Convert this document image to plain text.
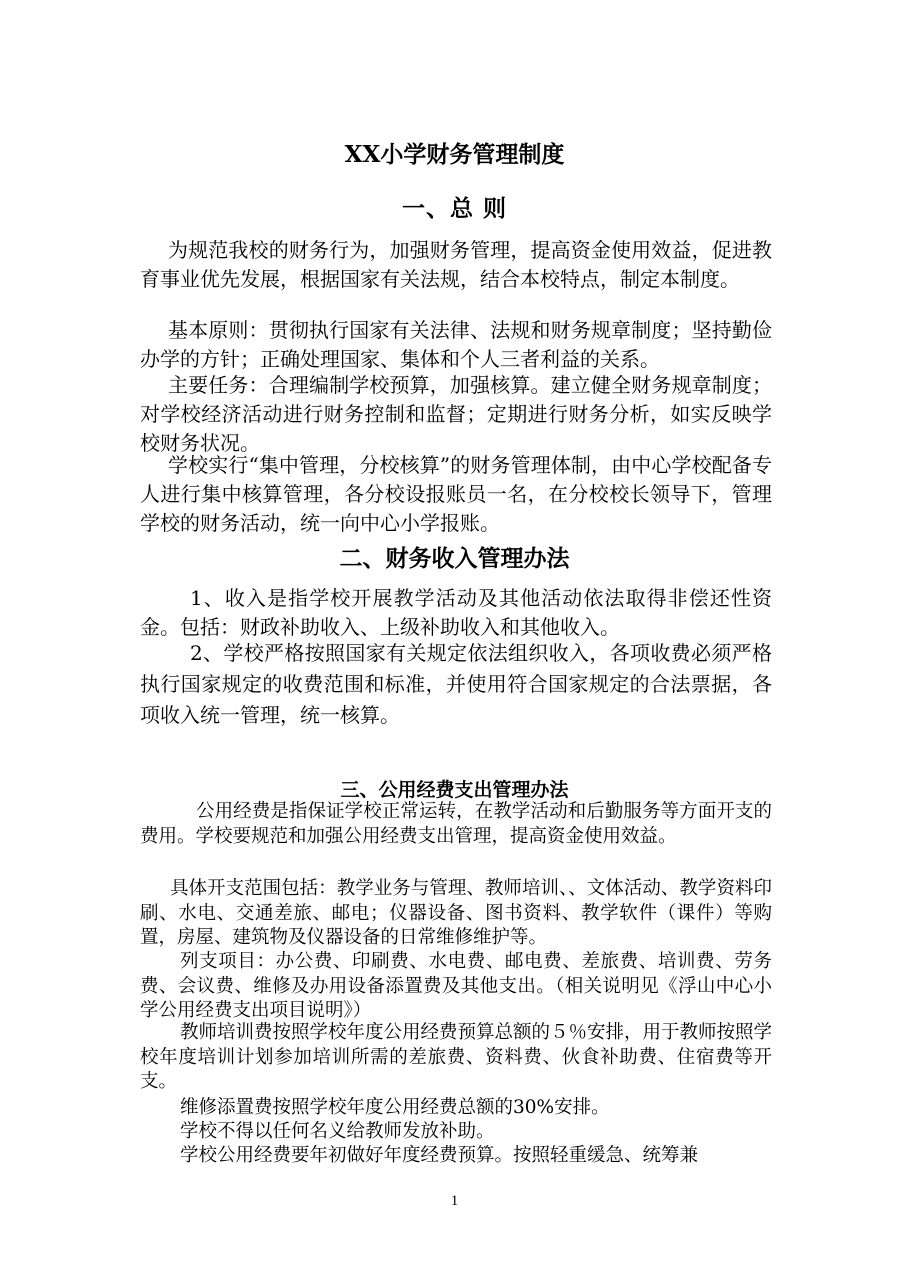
XX小学财务管理制度
一、总 则

为规范我校的财务行为，加强财务管理，提高资金使用效益，促进教育事业优先发展，根据国家有关法规，结合本校特点，制定本制度。

基本原则：贯彻执行国家有关法律、法规和财务规章制度；坚持勤俭办学的方针；正确处理国家、集体和个人三者利益的关系。

主要任务：合理编制学校预算，加强核算。建立健全财务规章制度；对学校经济活动进行财务控制和监督；定期进行财务分析，如实反映学校财务状况。

学校实行“集中管理，分校核算”的财务管理体制，由中心学校配备专人进行集中核算管理，各分校设报账员一名，在分校校长领导下，管理学校的财务活动，统一向中心小学报账。

二、财务收入管理办法

1、收入是指学校开展教学活动及其他活动依法取得非偿还性资金。包括：财政补助收入、上级补助收入和其他收入。

2、学校严格按照国家有关规定依法组织收入，各项收费必须严格执行国家规定的收费范围和标准，并使用符合国家规定的合法票据，各项收入统一管理，统一核算。

三、公用经费支出管理办法

公用经费是指保证学校正常运转，在教学活动和后勤服务等方面开支的费用。学校要规范和加强公用经费支出管理，提高资金使用效益。

具体开支范围包括：教学业务与管理、教师培训、、文体活动、教学资料印刷、水电、交通差旅、邮电；仪器设备、图书资料、教学软件（课件）等购置，房屋、建筑物及仪器设备的日常维修维护等。

列支项目：办公费、印刷费、水电费、邮电费、差旅费、培训费、劳务费、会议费、维修及办用设备添置费及其他支出。（相关说明见《浮山中心小学公用经费支出项目说明》）

教师培训费按照学校年度公用经费预算总额的５％安排，用于教师按照学校年度培训计划参加培训所需的差旅费、资料费、伙食补助费、住宿费等开支。

维修添置费按照学校年度公用经费总额的30%安排。

学校不得以任何名义给教师发放补助。

学校公用经费要年初做好年度经费预算。按照轻重缓急、统筹兼

1
